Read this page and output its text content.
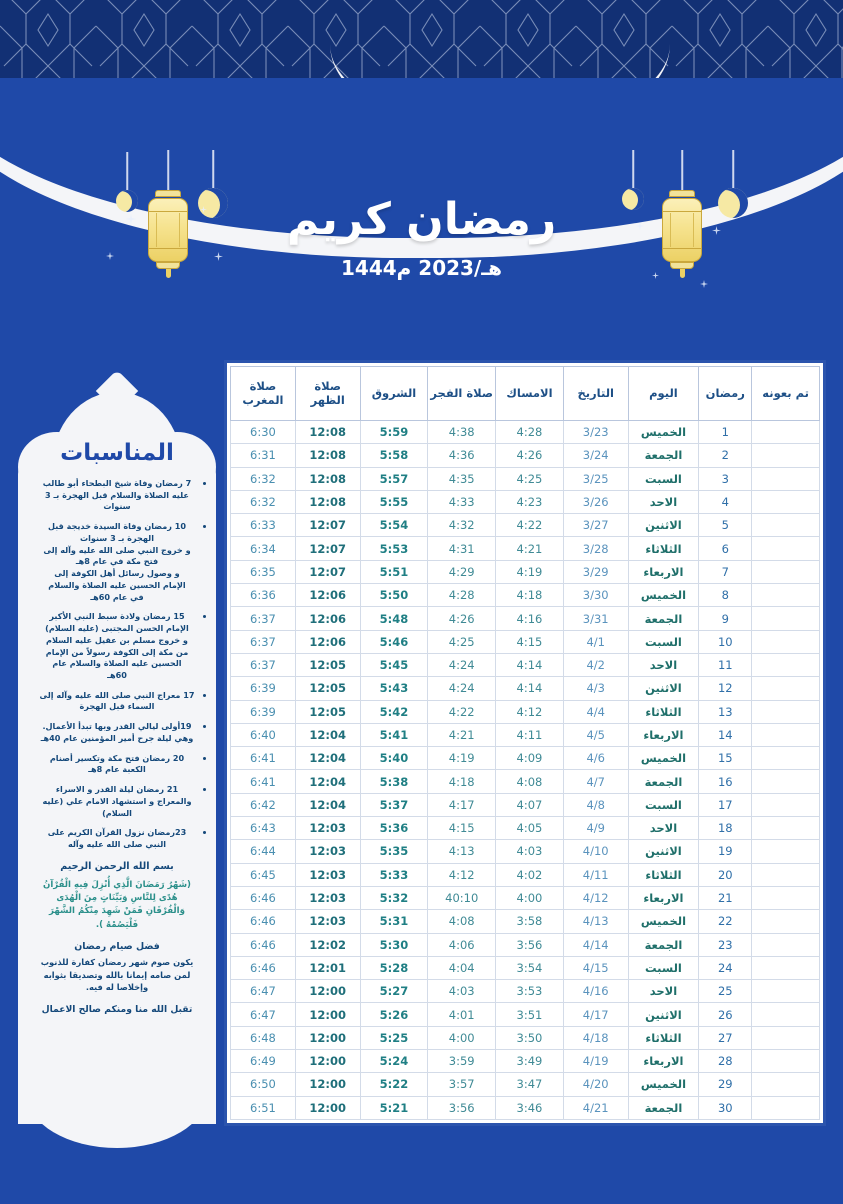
رمضان كريم
1444هـ/2023 م
المناسبات
7 رمضان وفاة شيخ البطحاء أبو طالب عليه الصلاة والسلام قبل الهجرة بـ 3 سنوات
10 رمضان وفاة السيدة خديجة قبل الهجرة بـ 3 سنوات
و خروج النبي صلى الله عليه وآله إلى فتح مكة في عام 8هـ
و وصول رسائل أهل الكوفة إلى الإمام الحسين عليه الصلاة والسلام في عام 60هـ
15 رمضان ولادة سبط النبي الأكبر الإمام الحسن المجتبى (عليه السلام)
و خروج مسلم بن عقيل عليه السلام من مكة إلى الكوفة رسولاً من الإمام الحسين عليه الصلاة والسلام عام 60هـ
17 معراج النبي صلى الله عليه وآله إلى السماء قبل الهجرة
19أولى ليالي القدر وبها تبدأ الأعمال. وهي ليلة جرح أمير المؤمنين عام 40هـ
20 رمضان فتح مكة وتكسير أصنام الكعبة عام 8هـ
21 رمضان ليلة القدر و الاسراء والمعراج و استشهاد الامام علي (عليه السلام)
23رمضان نزول القرآن الكريم على النبي صلى الله عليه وآله
بسم الله الرحمن الرحيم
(شَهْرُ رَمَضَانَ الَّذِي أُنْزِلَ فِيهِ الْقُرْآنُ هُدًى لِلنَّاسِ وَبَيِّنَاتٍ مِنَ الْهُدَى وَالْفُرْقَانِ فَمَنْ شَهِدَ مِنْكُمُ الشَّهْرَ فَلْيَصُمْهُ ).
فضل صيام رمضان
يكون صوم شهر رمضان كفارة للذنوب لمن صامه إيمانا بالله وتصديقا بثوابه وإخلاصا له فيه.
تقبل الله منا ومنكم صالح الاعمال
تم بعونه	رمضان	اليوم	التاريخ	الامساك	صلاة الفجر	الشروق	صلاة الظهر	صلاة المغرب
	1	الخميس	3/23	4:28	4:38	5:59	12:08	6:30
	2	الجمعة	3/24	4:26	4:36	5:58	12:08	6:31
	3	السبت	3/25	4:25	4:35	5:57	12:08	6:32
	4	الاحد	3/26	4:23	4:33	5:55	12:08	6:32
	5	الاثنين	3/27	4:22	4:32	5:54	12:07	6:33
	6	الثلاثاء	3/28	4:21	4:31	5:53	12:07	6:34
	7	الاربعاء	3/29	4:19	4:29	5:51	12:07	6:35
	8	الخميس	3/30	4:18	4:28	5:50	12:06	6:36
	9	الجمعة	3/31	4:16	4:26	5:48	12:06	6:37
	10	السبت	4/1	4:15	4:25	5:46	12:06	6:37
	11	الاحد	4/2	4:14	4:24	5:45	12:05	6:37
	12	الاثنين	4/3	4:14	4:24	5:43	12:05	6:39
	13	الثلاثاء	4/4	4:12	4:22	5:42	12:05	6:39
	14	الاربعاء	4/5	4:11	4:21	5:41	12:04	6:40
	15	الخميس	4/6	4:09	4:19	5:40	12:04	6:41
	16	الجمعة	4/7	4:08	4:18	5:38	12:04	6:41
	17	السبت	4/8	4:07	4:17	5:37	12:04	6:42
	18	الاحد	4/9	4:05	4:15	5:36	12:03	6:43
	19	الاثنين	4/10	4:03	4:13	5:35	12:03	6:44
	20	الثلاثاء	4/11	4:02	4:12	5:33	12:03	6:45
	21	الاربعاء	4/12	4:00	40:10	5:32	12:03	6:46
	22	الخميس	4/13	3:58	4:08	5:31	12:03	6:46
	23	الجمعة	4/14	3:56	4:06	5:30	12:02	6:46
	24	السبت	4/15	3:54	4:04	5:28	12:01	6:46
	25	الاحد	4/16	3:53	4:03	5:27	12:00	6:47
	26	الاثنين	4/17	3:51	4:01	5:26	12:00	6:47
	27	الثلاثاء	4/18	3:50	4:00	5:25	12:00	6:48
	28	الاربعاء	4/19	3:49	3:59	5:24	12:00	6:49
	29	الخميس	4/20	3:47	3:57	5:22	12:00	6:50
	30	الجمعة	4/21	3:46	3:56	5:21	12:00	6:51
